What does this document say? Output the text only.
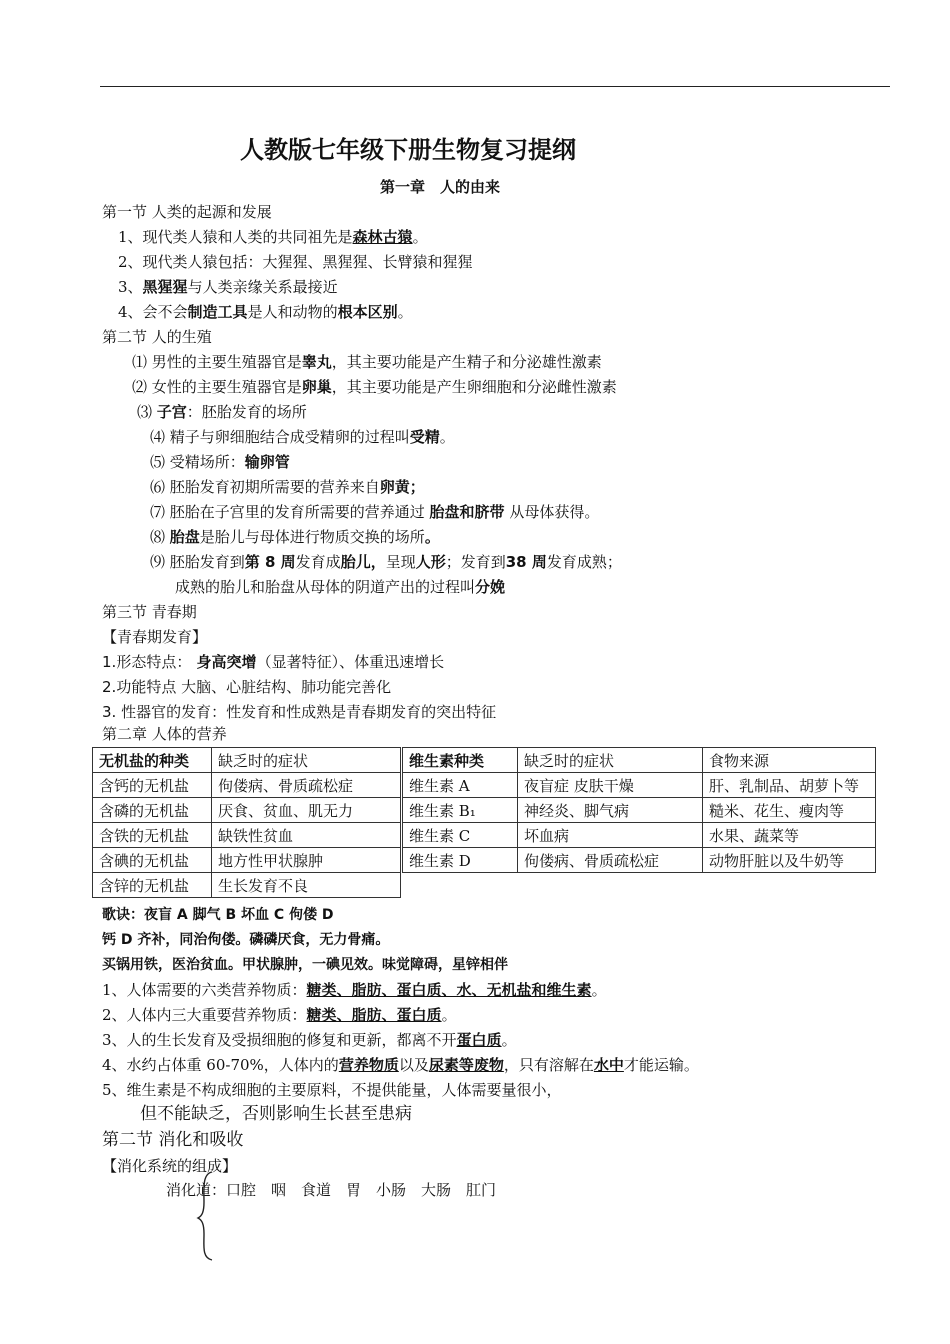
人教版七年级下册生物复习提纲
第一章　人的由来
第一节 人类的起源和发展
1、现代类人猿和人类的共同祖先是森林古猿。
2、现代类人猿包括：大猩猩、黑猩猩、长臂猿和猩猩
3、黑猩猩与人类亲缘关系最接近
4、会不会制造工具是人和动物的根本区别。
第二节 人的生殖
⑴ 男性的主要生殖器官是睾丸，其主要功能是产生精子和分泌雄性激素
⑵ 女性的主要生殖器官是卵巢，其主要功能是产生卵细胞和分泌雌性激素
⑶ 子宫：胚胎发育的场所
⑷ 精子与卵细胞结合成受精卵的过程叫受精。
⑸ 受精场所：输卵管
⑹ 胚胎发育初期所需要的营养来自卵黄；
⑺ 胚胎在子宫里的发育所需要的营养通过 胎盘和脐带 从母体获得。
⑻ 胎盘是胎儿与母体进行物质交换的场所。
⑼ 胚胎发育到第 8 周发育成胎儿，呈现人形；发育到38 周发育成熟；
成熟的胎儿和胎盘从母体的阴道产出的过程叫分娩
第三节 青春期
【青春期发育】
1.形态特点： 身高突增（显著特征）、体重迅速增长
2.功能特点 大脑、心脏结构、肺功能完善化
3. 性器官的发育：性发育和性成熟是青春期发育的突出特征
第二章 人体的营养
无机盐的种类	缺乏时的症状
含钙的无机盐	佝偻病、骨质疏松症
含磷的无机盐	厌食、贫血、肌无力
含铁的无机盐	缺铁性贫血
含碘的无机盐	地方性甲状腺肿
含锌的无机盐	生长发育不良
维生素种类	缺乏时的症状	食物来源
维生素 A	夜盲症 皮肤干燥	肝、乳制品、胡萝卜等
维生素 B₁	神经炎、脚气病	糙米、花生、瘦肉等
维生素 C	坏血病	水果、蔬菜等
维生素 D	佝偻病、骨质疏松症	动物肝脏以及牛奶等
歌诀：夜盲 A 脚气 B 坏血 C 佝偻 D
钙 D 齐补，同治佝偻。磷磷厌食，无力骨痛。
买锅用铁，医治贫血。甲状腺肿，一碘见效。味觉障碍，星锌相伴
1、人体需要的六类营养物质：糖类、脂肪、蛋白质、水、无机盐和维生素。
2、人体内三大重要营养物质：糖类、脂肪、蛋白质。
3、人的生长发育及受损细胞的修复和更新，都离不开蛋白质。
4、水约占体重 60-70%，人体内的营养物质以及尿素等废物，只有溶解在水中才能运输。
5、维生素是不构成细胞的主要原料，不提供能量，人体需要量很小，
但不能缺乏，否则影响生长甚至患病
第二节 消化和吸收
【消化系统的组成】
消化道：口腔　咽　食道　胃　小肠　大肠　肛门
